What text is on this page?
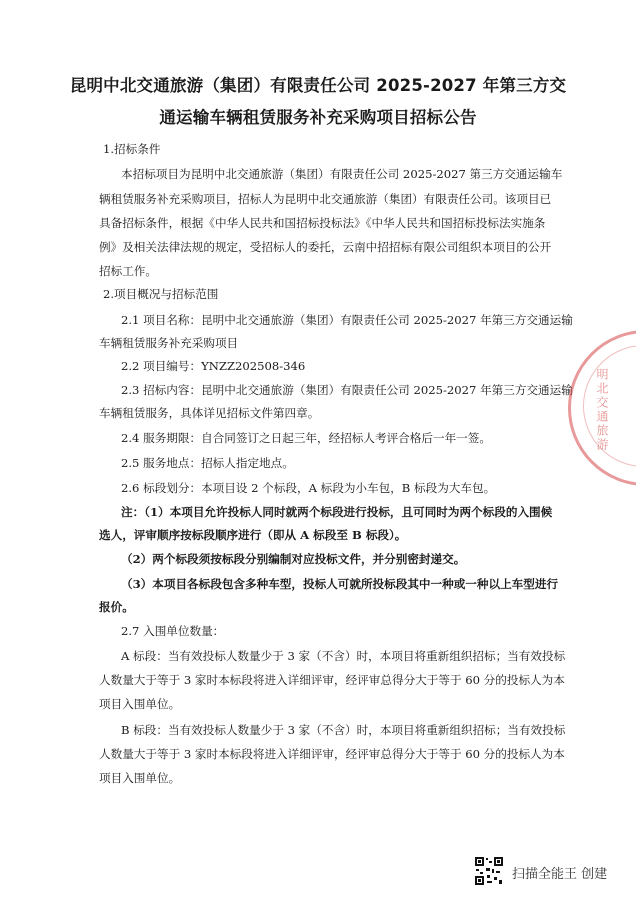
昆明中北交通旅游（集团）有限责任公司 2025-2027 年第三方交
通运输车辆租赁服务补充采购项目招标公告
1.招标条件
本招标项目为昆明中北交通旅游（集团）有限责任公司 2025-2027 第三方交通运输车
辆租赁服务补充采购项目，招标人为昆明中北交通旅游（集团）有限责任公司。该项目已
具备招标条件，根据《中华人民共和国招标投标法》《中华人民共和国招标投标法实施条
例》及相关法律法规的规定，受招标人的委托，云南中招招标有限公司组织本项目的公开
招标工作。
2.项目概况与招标范围
2.1 项目名称：昆明中北交通旅游（集团）有限责任公司 2025-2027 年第三方交通运输
车辆租赁服务补充采购项目
2.2 项目编号：YNZZ202508-346
2.3 招标内容：昆明中北交通旅游（集团）有限责任公司 2025-2027 年第三方交通运输
车辆租赁服务，具体详见招标文件第四章。
2.4 服务期限：自合同签订之日起三年，经招标人考评合格后一年一签。
2.5 服务地点：招标人指定地点。
2.6 标段划分：本项目设 2 个标段，A 标段为小车包，B 标段为大车包。
注：（1）本项目允许投标人同时就两个标段进行投标，且可同时为两个标段的入围候
选人，评审顺序按标段顺序进行（即从 A 标段至 B 标段）。
（2）两个标段须按标段分别编制对应投标文件，并分别密封递交。
（3）本项目各标段包含多种车型，投标人可就所投标段其中一种或一种以上车型进行
报价。
2.7 入围单位数量：
A 标段：当有效投标人数量少于 3 家（不含）时，本项目将重新组织招标；当有效投标
人数量大于等于 3 家时本标段将进入详细评审，经评审总得分大于等于 60 分的投标人为本
项目入围单位。
B 标段：当有效投标人数量少于 3 家（不含）时，本项目将重新组织招标；当有效投标
人数量大于等于 3 家时本标段将进入详细评审，经评审总得分大于等于 60 分的投标人为本
项目入围单位。
明北交通旅游
扫描全能王 创建
